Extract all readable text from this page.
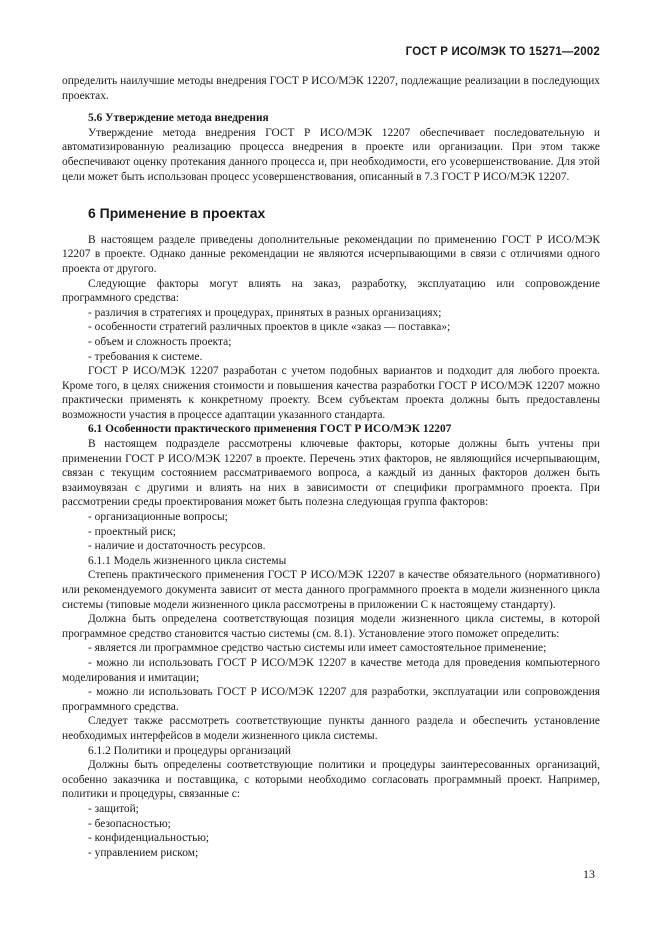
ГОСТ Р ИСО/МЭК ТО 15271—2002

определить наилучшие методы внедрения ГОСТ Р ИСО/МЭК 12207, подлежащие реализации в последующих проектах.

5.6 Утверждение метода внедрения

Утверждение метода внедрения ГОСТ Р ИСО/МЭК 12207 обеспечивает последовательную и автоматизированную реализацию процесса внедрения в проекте или организации. При этом также обеспечивают оценку протекания данного процесса и, при необходимости, его усовершенствование. Для этой цели может быть использован процесс усовершенствования, описанный в 7.3 ГОСТ Р ИСО/МЭК 12207.

6 Применение в проектах

В настоящем разделе приведены дополнительные рекомендации по применению ГОСТ Р ИСО/МЭК 12207 в проекте. Однако данные рекомендации не являются исчерпывающими в связи с отличиями одного проекта от другого.

Следующие факторы могут влиять на заказ, разработку, эксплуатацию или сопровождение программного средства:

- различия в стратегиях и процедурах, принятых в разных организациях;
- особенности стратегий различных проектов в цикле «заказ — поставка»;
- объем и сложность проекта;
- требования к системе.

ГОСТ Р ИСО/МЭК 12207 разработан с учетом подобных вариантов и подходит для любого проекта. Кроме того, в целях снижения стоимости и повышения качества разработки ГОСТ Р ИСО/МЭК 12207 можно практически применять к конкретному проекту. Всем субъектам проекта должны быть предоставлены возможности участия в процессе адаптации указанного стандарта.

6.1 Особенности практического применения ГОСТ Р ИСО/МЭК 12207

В настоящем подразделе рассмотрены ключевые факторы, которые должны быть учтены при применении ГОСТ Р ИСО/МЭК 12207 в проекте. Перечень этих факторов, не являющийся исчерпывающим, связан с текущим состоянием рассматриваемого вопроса, а каждый из данных факторов должен быть взаимоувязан с другими и влиять на них в зависимости от специфики программного проекта. При рассмотрении среды проектирования может быть полезна следующая группа факторов:

- организационные вопросы;
- проектный риск;
- наличие и достаточность ресурсов.

6.1.1 Модель жизненного цикла системы

Степень практического применения ГОСТ Р ИСО/МЭК 12207 в качестве обязательного (нормативного) или рекомендуемого документа зависит от места данного программного проекта в модели жизненного цикла системы (типовые модели жизненного цикла рассмотрены в приложении С к настоящему стандарту).

Должна быть определена соответствующая позиция модели жизненного цикла системы, в которой программное средство становится частью системы (см. 8.1). Установление этого поможет определить:

- является ли программное средство частью системы или имеет самостоятельное применение;
- можно ли использовать ГОСТ Р ИСО/МЭК 12207 в качестве метода для проведения компьютерного моделирования и имитации;
- можно ли использовать ГОСТ Р ИСО/МЭК 12207 для разработки, эксплуатации или сопровождения программного средства.

Следует также рассмотреть соответствующие пункты данного раздела и обеспечить установление необходимых интерфейсов в модели жизненного цикла системы.

6.1.2 Политики и процедуры организаций

Должны быть определены соответствующие политики и процедуры заинтересованных организаций, особенно заказчика и поставщика, с которыми необходимо согласовать программный проект. Например, политики и процедуры, связанные с:

- защитой;
- безопасностью;
- конфиденциальностью;
- управлением риском;
13
